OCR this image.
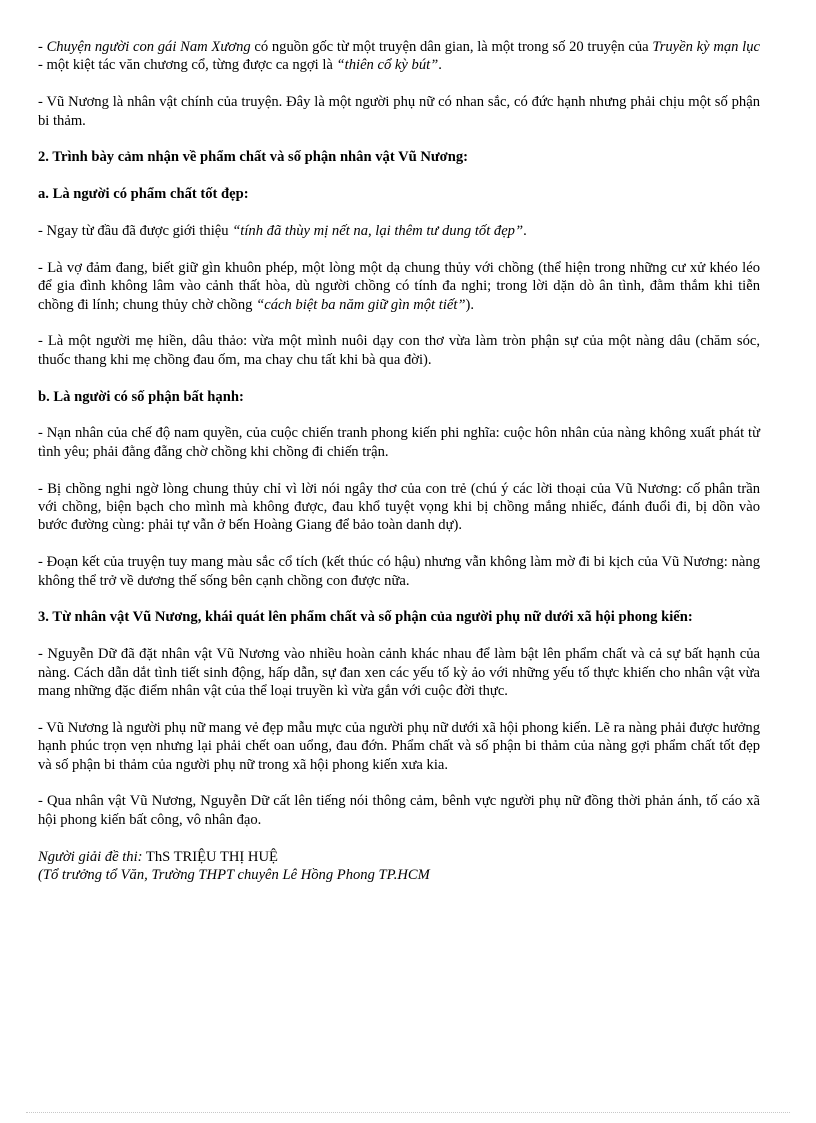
- Chuyện người con gái Nam Xương có nguồn gốc từ một truyện dân gian, là một trong số 20 truyện của Truyền kỳ mạn lục - một kiệt tác văn chương cổ, từng được ca ngợi là “thiên cổ kỳ bút”.

- Vũ Nương là nhân vật chính của truyện. Đây là một người phụ nữ có nhan sắc, có đức hạnh nhưng phải chịu một số phận bi thảm.

2. Trình bày cảm nhận về phẩm chất và số phận nhân vật Vũ Nương:

a. Là người có phẩm chất tốt đẹp:

- Ngay từ đầu đã được giới thiệu “tính đã thùy mị nết na, lại thêm tư dung tốt đẹp”.

- Là vợ đảm đang, biết giữ gìn khuôn phép, một lòng một dạ chung thủy với chồng (thể hiện trong những cư xử khéo léo để gia đình không lâm vào cảnh thất hòa, dù người chồng có tính đa nghi; trong lời dặn dò ân tình, đằm thắm khi tiễn chồng đi lính; chung thủy chờ chồng “cách biệt ba năm giữ gìn một tiết”).

- Là một người mẹ hiền, dâu thảo: vừa một mình nuôi dạy con thơ vừa làm tròn phận sự của một nàng dâu (chăm sóc, thuốc thang khi mẹ chồng đau ốm, ma chay chu tất khi bà qua đời).

b. Là người có số phận bất hạnh:

- Nạn nhân của chế độ nam quyền, của cuộc chiến tranh phong kiến phi nghĩa: cuộc hôn nhân của nàng không xuất phát từ tình yêu; phải đằng đẵng chờ chồng khi chồng đi chiến trận.

- Bị chồng nghi ngờ lòng chung thủy chỉ vì lời nói ngây thơ của con trẻ (chú ý các lời thoại của Vũ Nương: cố phân trần với chồng, biện bạch cho mình mà không được, đau khổ tuyệt vọng khi bị chồng mắng nhiếc, đánh đuổi đi, bị dồn vào bước đường cùng: phải tự vẫn ở bến Hoàng Giang để bảo toàn danh dự).

- Đoạn kết của truyện tuy mang màu sắc cổ tích (kết thúc có hậu) nhưng vẫn không làm mờ đi bi kịch của Vũ Nương: nàng không thể trở về dương thế sống bên cạnh chồng con được nữa.

3. Từ nhân vật Vũ Nương, khái quát lên phẩm chất và số phận của người phụ nữ dưới xã hội phong kiến:

- Nguyễn Dữ đã đặt nhân vật Vũ Nương vào nhiều hoàn cảnh khác nhau để làm bật lên phẩm chất và cả sự bất hạnh của nàng. Cách dẫn dắt tình tiết sinh động, hấp dẫn, sự đan xen các yếu tố kỳ ảo với những yếu tố thực khiến cho nhân vật vừa mang những đặc điểm nhân vật của thể loại truyền kì vừa gắn với cuộc đời thực.

- Vũ Nương là người phụ nữ mang vẻ đẹp mẫu mực của người phụ nữ dưới xã hội phong kiến. Lẽ ra nàng phải được hưởng hạnh phúc trọn vẹn nhưng lại phải chết oan uổng, đau đớn. Phẩm chất và số phận bi thảm của nàng gợi phẩm chất tốt đẹp và số phận bi thảm của người phụ nữ trong xã hội phong kiến xưa kia.

- Qua nhân vật Vũ Nương, Nguyễn Dữ cất lên tiếng nói thông cảm, bênh vực người phụ nữ đồng thời phản ánh, tố cáo xã hội phong kiến bất công, vô nhân đạo.

Người giải đề thi: ThS TRIỆU THỊ HUỆ

(Tổ trưởng tổ Văn, Trường THPT chuyên Lê Hồng Phong TP.HCM
